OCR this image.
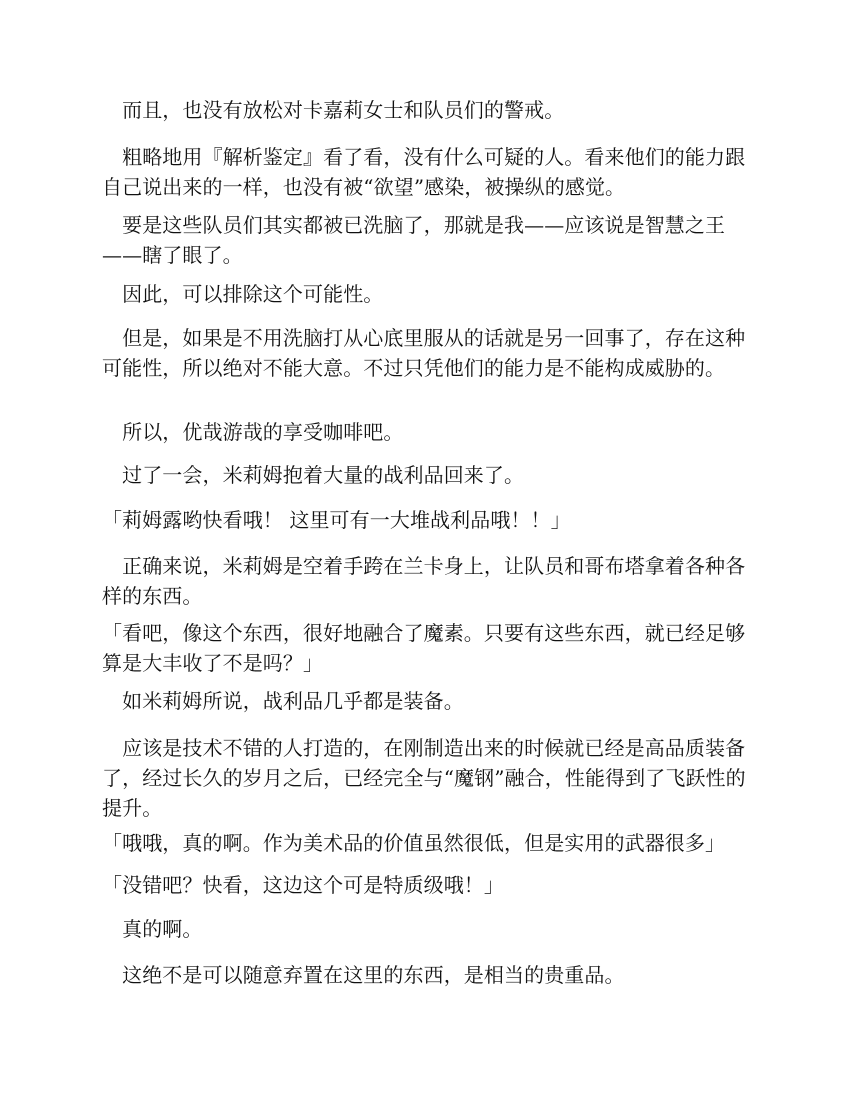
　而且，也没有放松对卡嘉莉女士和队员们的警戒。

　粗略地用『解析鉴定』看了看，没有什么可疑的人。看来他们的能力跟自己说出来的一样，也没有被“欲望”感染，被操纵的感觉。

　要是这些队员们其实都被已洗脑了，那就是我——应该说是智慧之王——瞎了眼了。

　因此，可以排除这个可能性。

　但是，如果是不用洗脑打从心底里服从的话就是另一回事了，存在这种可能性，所以绝对不能大意。不过只凭他们的能力是不能构成威胁的。

　所以，优哉游哉的享受咖啡吧。

　过了一会，米莉姆抱着大量的战利品回来了。

「莉姆露哟快看哦！ 这里可有一大堆战利品哦！！」

　正确来说，米莉姆是空着手跨在兰卡身上，让队员和哥布塔拿着各种各样的东西。

「看吧，像这个东西，很好地融合了魔素。只要有这些东西，就已经足够算是大丰收了不是吗？」

　如米莉姆所说，战利品几乎都是装备。

　应该是技术不错的人打造的，在刚制造出来的时候就已经是高品质装备了，经过长久的岁月之后，已经完全与“魔钢”融合，性能得到了飞跃性的提升。

「哦哦，真的啊。作为美术品的价值虽然很低，但是实用的武器很多」

「没错吧？快看，这边这个可是特质级哦！」

　真的啊。

　这绝不是可以随意弃置在这里的东西，是相当的贵重品。
